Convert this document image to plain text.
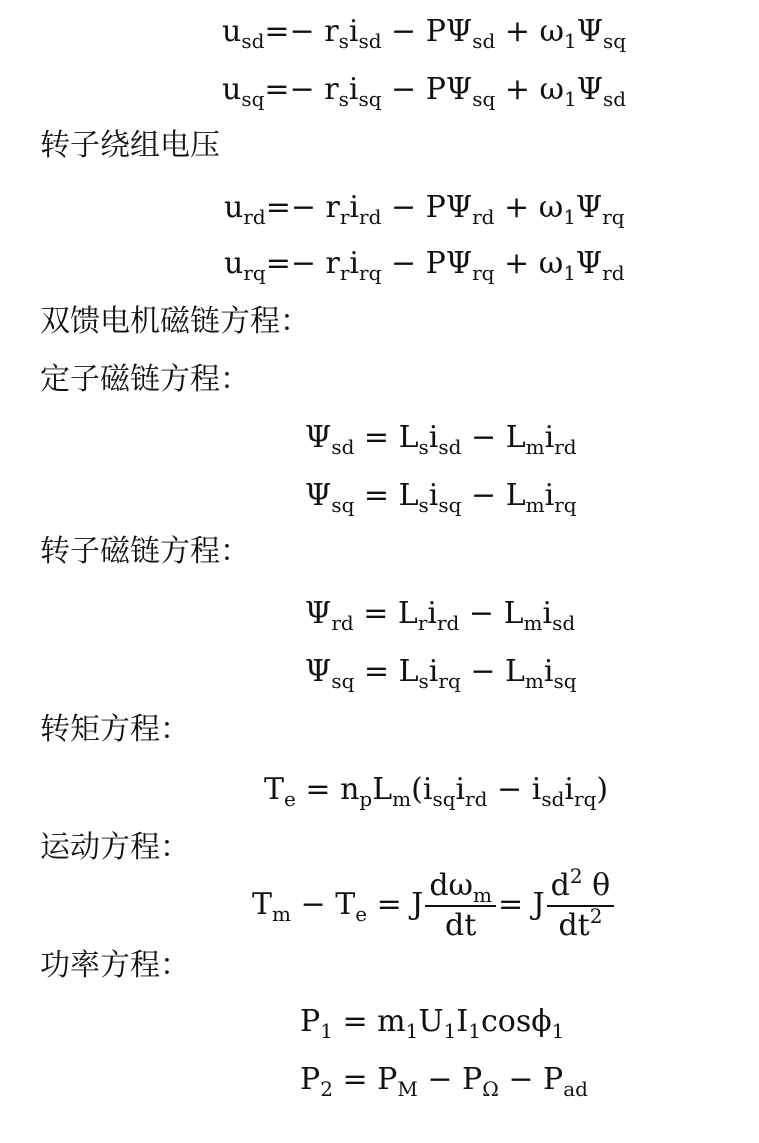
$u_{sd}=- r_si_{sd} - P\Psi_{sd} + \omega_1\Psi_{sq}$
$u_{sq}=- r_si_{sq} - P\Psi_{sq} + \omega_1\Psi_{sd}$
转子绕组电压
$u_{rd}=- r_ri_{rd} - P\Psi_{rd} + \omega_1\Psi_{rq}$
$u_{rq}=- r_ri_{rq} - P\Psi_{rq} + \omega_1\Psi_{rd}$
双馈电机磁链方程：
定子磁链方程：
$\Psi_{sd} = L_si_{sd} - L_mi_{rd}$
$\Psi_{sq} = L_si_{sq} - L_mi_{rq}$
转子磁链方程：
$\Psi_{rd} = L_ri_{rd} - L_mi_{sd}$
$\Psi_{sq} = L_si_{rq} - L_mi_{sq}$
转矩方程：
$T_e = n_pL_m(i_{sq}i_{rd} - i_{sd}i_{rq})$
运动方程：
$T_m - T_e = J \frac{d\omega_m}{dt} = J \frac{d^2 \theta}{dt^2}$
功率方程：
$P_1 = m_1U_1I_1\cos\phi_1$
$P_2 = P_M - P_\Omega - P_{ad}$
